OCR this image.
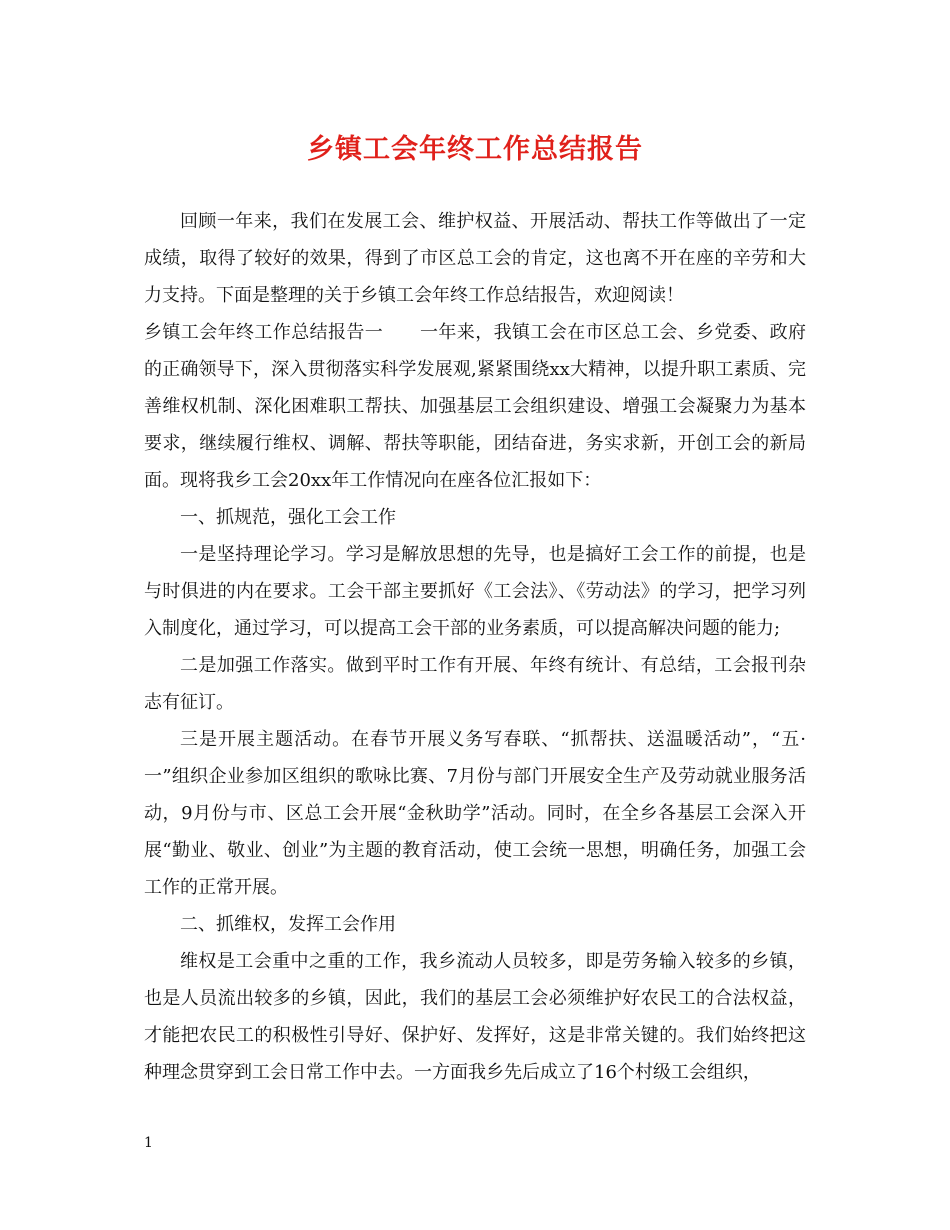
乡镇工会年终工作总结报告

回顾一年来，我们在发展工会、维护权益、开展活动、帮扶工作等做出了一定成绩，取得了较好的效果，得到了市区总工会的肯定，这也离不开在座的辛劳和大力支持。下面是整理的关于乡镇工会年终工作总结报告，欢迎阅读！

乡镇工会年终工作总结报告一　　一年来，我镇工会在市区总工会、乡党委、政府的正确领导下，深入贯彻落实科学发展观,紧紧围绕xx大精神，以提升职工素质、完善维权机制、深化困难职工帮扶、加强基层工会组织建设、增强工会凝聚力为基本要求，继续履行维权、调解、帮扶等职能，团结奋进，务实求新，开创工会的新局面。现将我乡工会20xx年工作情况向在座各位汇报如下：

一、抓规范，强化工会工作

一是坚持理论学习。学习是解放思想的先导，也是搞好工会工作的前提，也是与时俱进的内在要求。工会干部主要抓好《工会法》、《劳动法》的学习，把学习列入制度化，通过学习，可以提高工会干部的业务素质，可以提高解决问题的能力;

二是加强工作落实。做到平时工作有开展、年终有统计、有总结，工会报刊杂志有征订。

三是开展主题活动。在春节开展义务写春联、“抓帮扶、送温暖活动”，“五·一”组织企业参加区组织的歌咏比赛、7月份与部门开展安全生产及劳动就业服务活动，9月份与市、区总工会开展“金秋助学”活动。同时，在全乡各基层工会深入开展“勤业、敬业、创业”为主题的教育活动，使工会统一思想，明确任务，加强工会工作的正常开展。

二、抓维权，发挥工会作用

维权是工会重中之重的工作，我乡流动人员较多，即是劳务输入较多的乡镇，也是人员流出较多的乡镇，因此，我们的基层工会必须维护好农民工的合法权益，才能把农民工的积极性引导好、保护好、发挥好，这是非常关键的。我们始终把这种理念贯穿到工会日常工作中去。一方面我乡先后成立了16个村级工会组织，

1
